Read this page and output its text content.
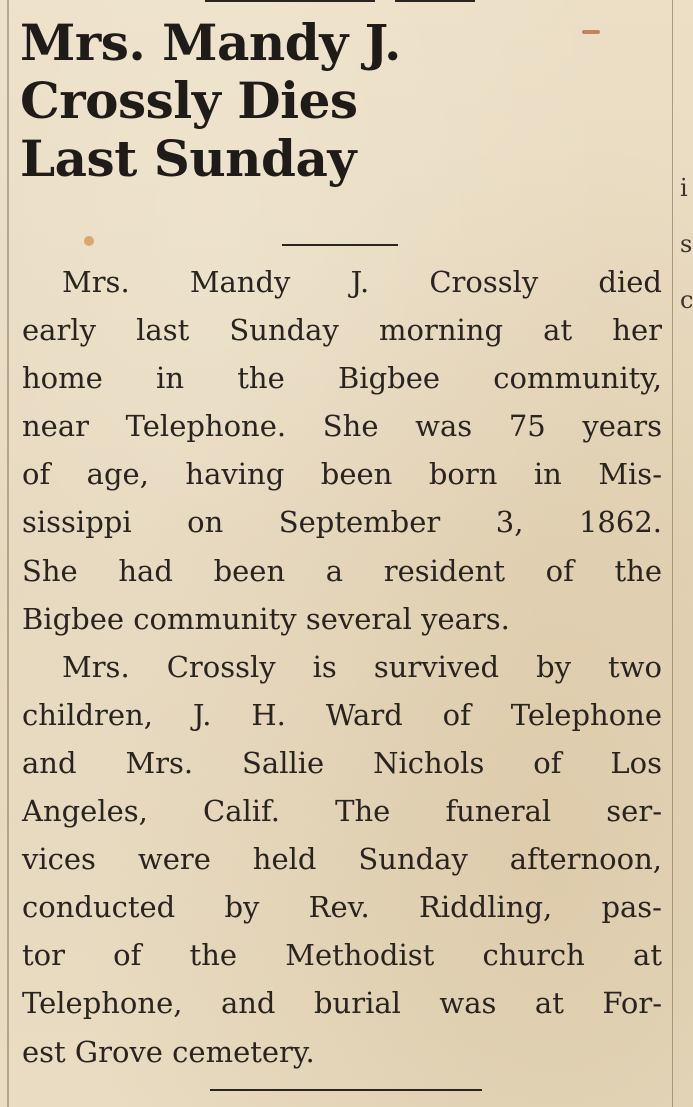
Mrs. Mandy J.
Crossly Dies
Last Sunday
Mrs. Mandy J. Crossly died
early last Sunday morning at her
home in the Bigbee community,
near Telephone. She was 75 years
of age, having been born in Mis-
sissippi on September 3, 1862.
She had been a resident of the
Bigbee community several years.
Mrs. Crossly is survived by two
children, J. H. Ward of Telephone
and Mrs. Sallie Nichols of Los
Angeles, Calif. The funeral ser-
vices were held Sunday afternoon,
conducted by Rev. Riddling, pas-
tor of the Methodist church at
Telephone, and burial was at For-
est Grove cemetery.
i
s
c
